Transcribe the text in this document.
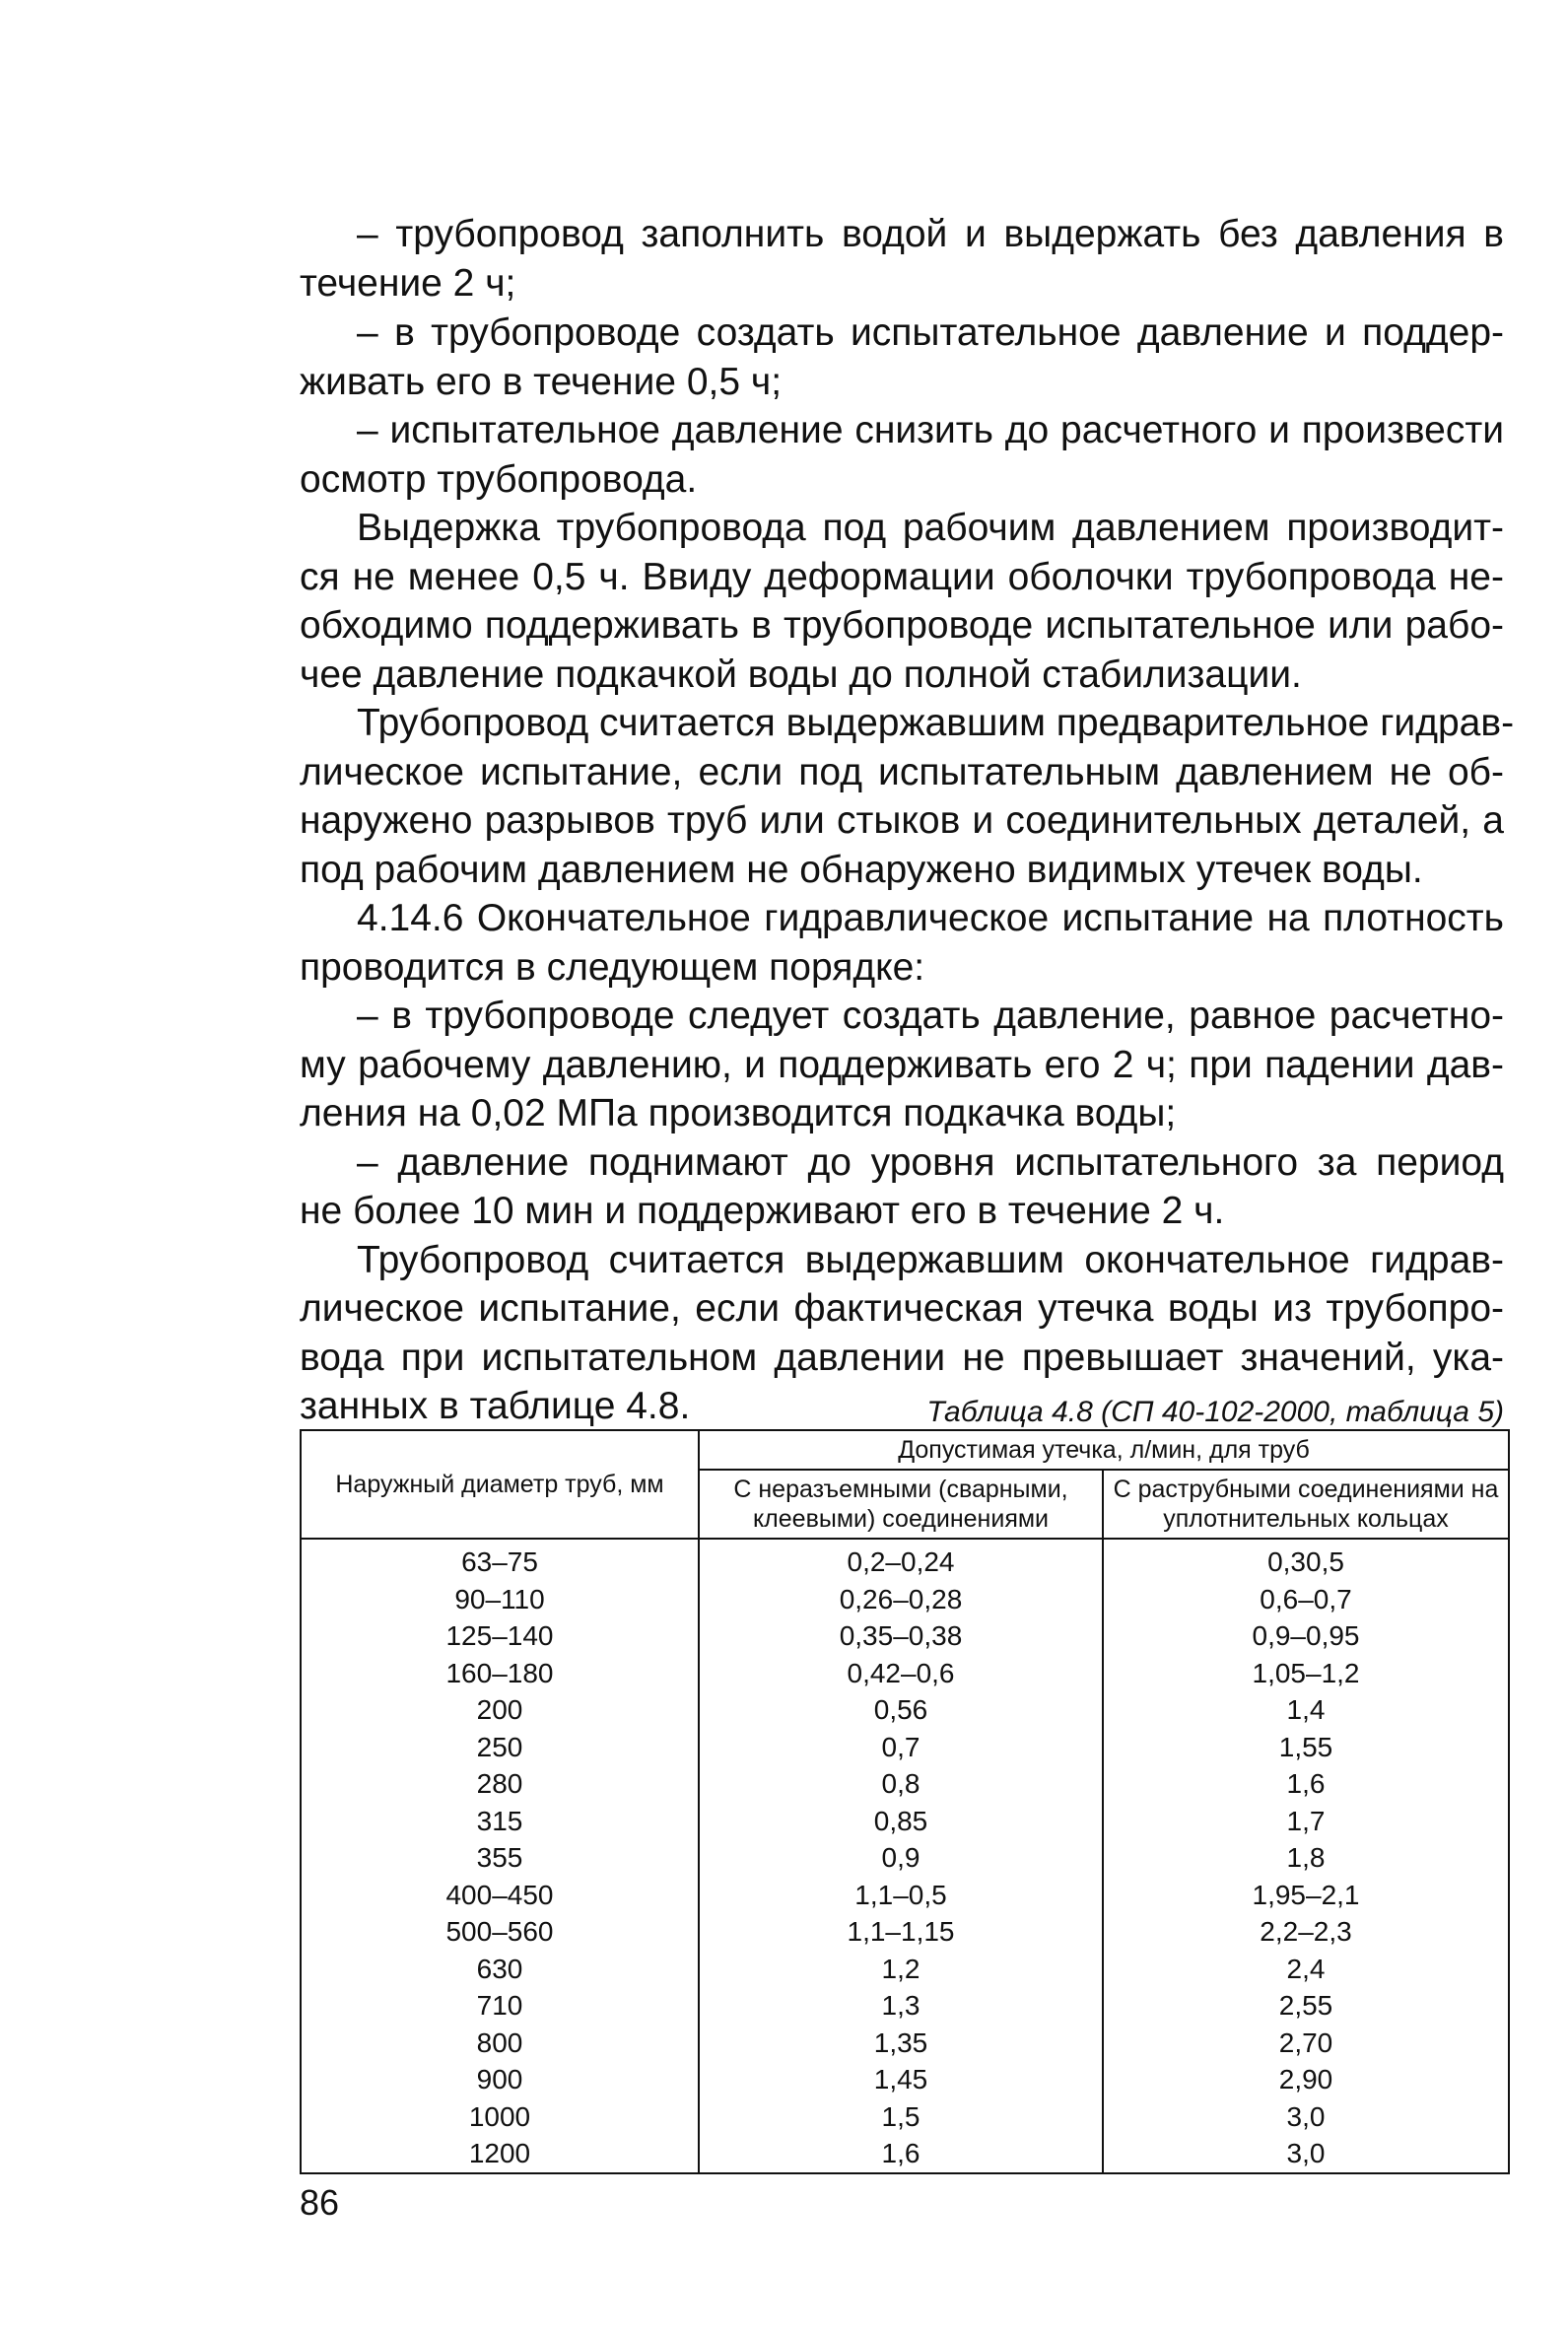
– трубопровод заполнить водой и выдержать без давления в
течение 2 ч;
– в трубопроводе создать испытательное давление и поддер-
живать его в течение 0,5 ч;
– испытательное давление снизить до расчетного и произвести
осмотр трубопровода.
Выдержка трубопровода под рабочим давлением производит-
ся не менее 0,5 ч. Ввиду деформации оболочки трубопровода не-
обходимо поддерживать в трубопроводе испытательное или рабо-
чее давление подкачкой воды до полной стабилизации.
Трубопровод считается выдержавшим предварительное гидрав-
лическое испытание, если под испытательным давлением не об-
наружено разрывов труб или стыков и соединительных деталей, а
под рабочим давлением не обнаружено видимых утечек воды.
4.14.6 Окончательное гидравлическое испытание на плотность
проводится в следующем порядке:
– в трубопроводе следует создать давление, равное расчетно-
му рабочему давлению, и поддерживать его 2 ч; при падении дав-
ления на 0,02 МПа производится подкачка воды;
– давление поднимают до уровня испытательного за период
не более 10 мин и поддерживают его в течение 2 ч.
Трубопровод считается выдержавшим окончательное гидрав-
лическое испытание, если фактическая утечка воды из трубопро-
вода при испытательном давлении не превышает значений, ука-
занных в таблице 4.8.	Таблица 4.8 (СП 40-102-2000, таблица 5)
Наружный диаметр труб, мм	Допустимая утечка, л/мин, для труб	
	С неразъемными (сварными, клеевыми) соединениями	С раструбными соединениями на уплотнительных кольцах
63–75	0,2–0,24	0,30,5
90–110	0,26–0,28	0,6–0,7
125–140	0,35–0,38	0,9–0,95
160–180	0,42–0,6	1,05–1,2
200	0,56	1,4
250	0,7	1,55
280	0,8	1,6
315	0,85	1,7
355	0,9	1,8
400–450	1,1–0,5	1,95–2,1
500–560	1,1–1,15	2,2–2,3
630	1,2	2,4
710	1,3	2,55
800	1,35	2,70
900	1,45	2,90
1000	1,5	3,0
1200	1,6	3,0
86
